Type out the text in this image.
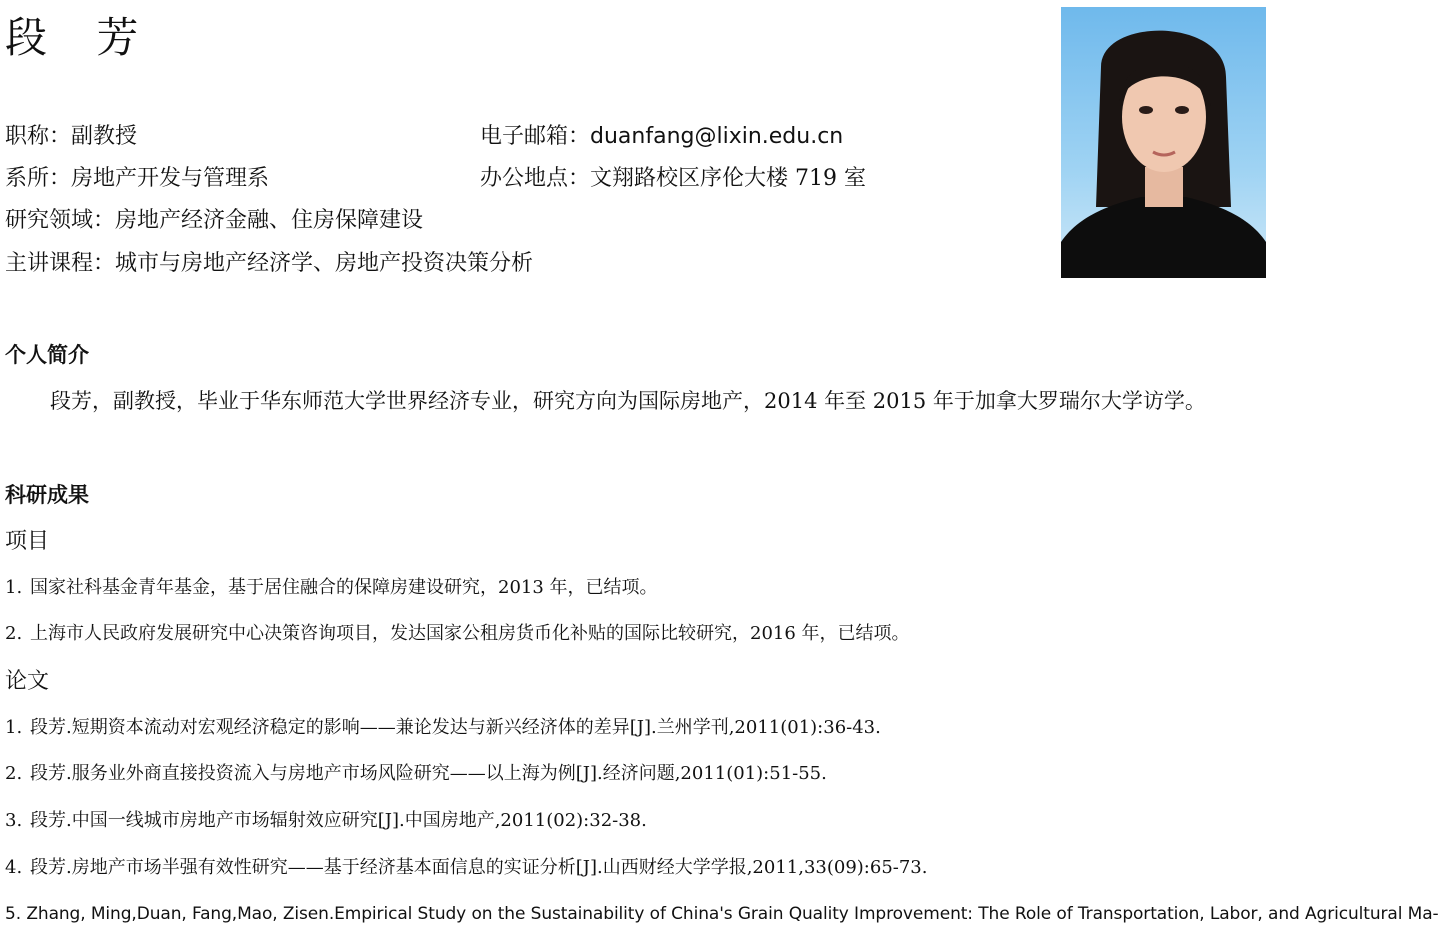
段 芳
职称：副教授	电子邮箱：duanfang@lixin.edu.cn
系所：房地产开发与管理系	办公地点：文翔路校区序伦大楼 719 室
研究领域：房地产经济金融、住房保障建设
主讲课程：城市与房地产经济学、房地产投资决策分析
个人简介
段芳，副教授，毕业于华东师范大学世界经济专业，研究方向为国际房地产，2014 年至 2015 年于加拿大罗瑞尔大学访学。
科研成果
项目
1. 国家社科基金青年基金，基于居住融合的保障房建设研究，2013 年，已结项。
2. 上海市人民政府发展研究中心决策咨询项目，发达国家公租房货币化补贴的国际比较研究，2016 年，已结项。
论文
1. 段芳.短期资本流动对宏观经济稳定的影响——兼论发达与新兴经济体的差异[J].兰州学刊,2011(01):36-43.
2. 段芳.服务业外商直接投资流入与房地产市场风险研究——以上海为例[J].经济问题,2011(01):51-55.
3. 段芳.中国一线城市房地产市场辐射效应研究[J].中国房地产,2011(02):32-38.
4. 段芳.房地产市场半强有效性研究——基于经济基本面信息的实证分析[J].山西财经大学学报,2011,33(09):65-73.
5. Zhang, Ming,Duan, Fang,Mao, Zisen.Empirical Study on the Sustainability of China's Grain Quality Improvement: The Role of Transportation, Labor, and Agricultural Ma-
